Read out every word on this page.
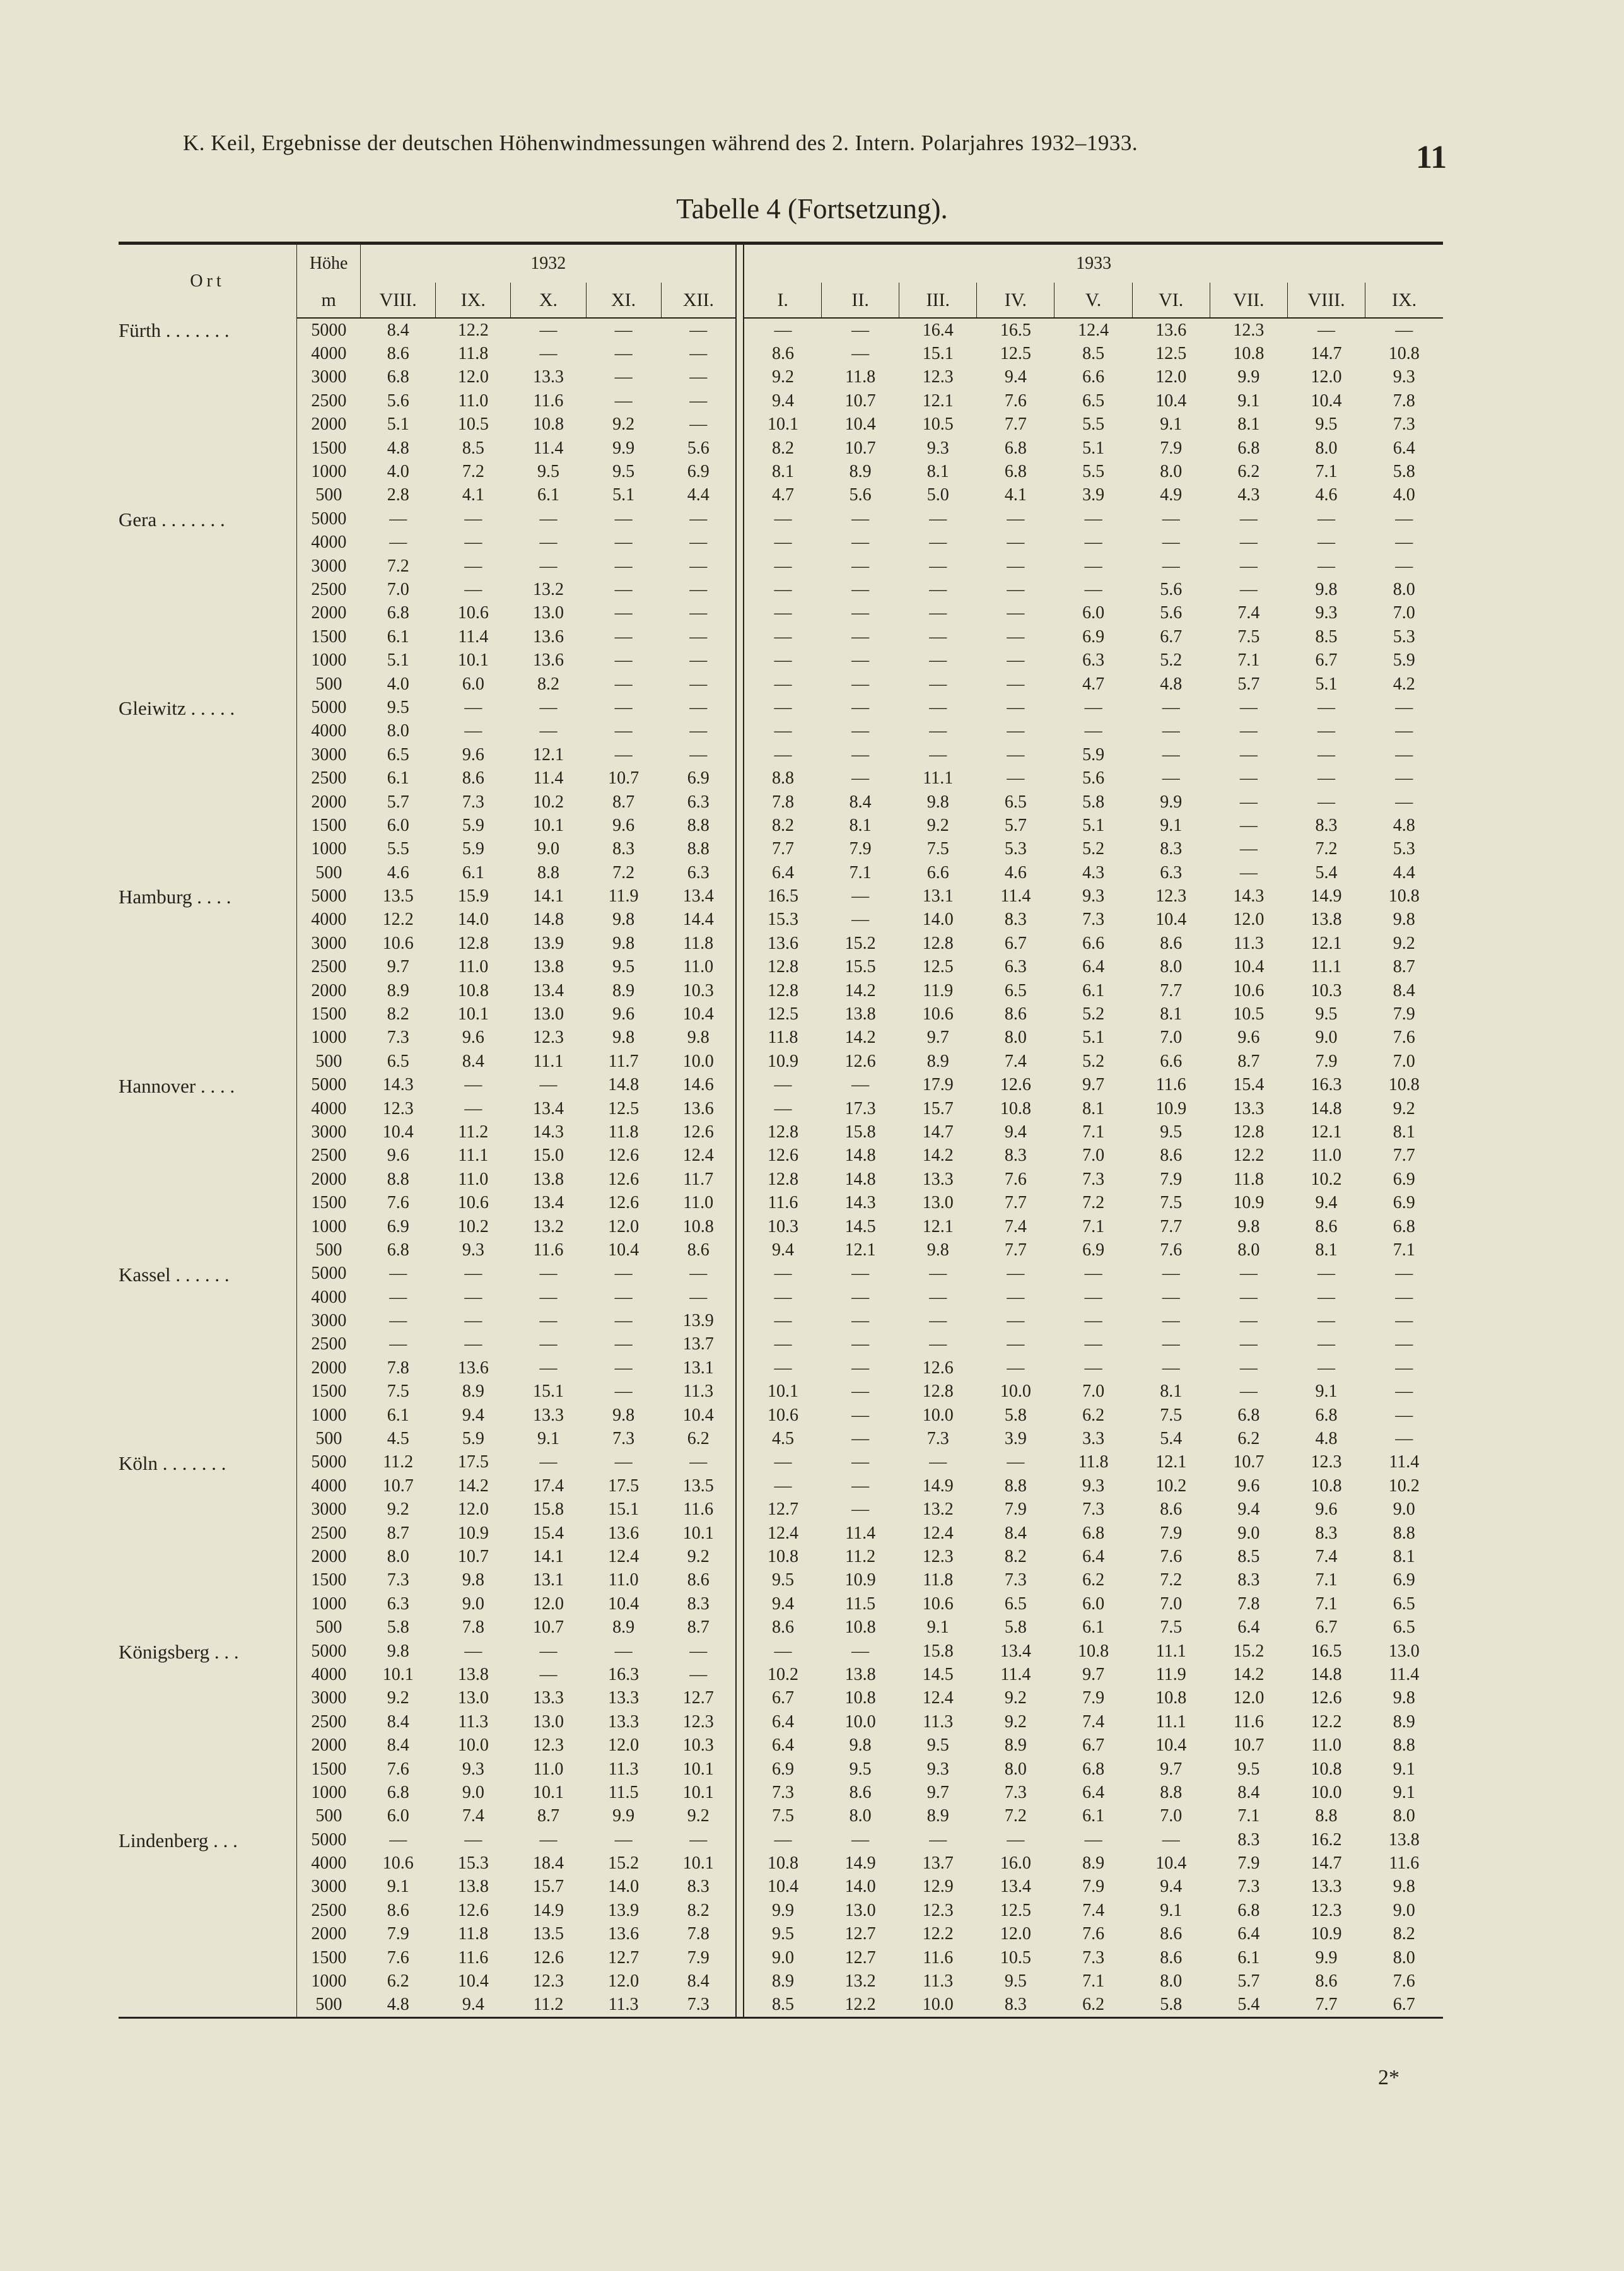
K. Keil, Ergebnisse der deutschen Höhenwindmessungen während des 2. Intern. Polarjahres 1932–1933.	11
Tabelle 4 (Fortsetzung).
Ort	Höhe	1932						1933								
	m	VIII.	IX.	X.	XI.	XII.		I.	II.	III.	IV.	V.	VI.	VII.	VIII.	IX.
Fürth . . . . . . .	5000	8.4	12.2	—	—	—		—	—	16.4	16.5	12.4	13.6	12.3	—	—
	4000	8.6	11.8	—	—	—		8.6	—	15.1	12.5	8.5	12.5	10.8	14.7	10.8
	3000	6.8	12.0	13.3	—	—		9.2	11.8	12.3	9.4	6.6	12.0	9.9	12.0	9.3
	2500	5.6	11.0	11.6	—	—		9.4	10.7	12.1	7.6	6.5	10.4	9.1	10.4	7.8
	2000	5.1	10.5	10.8	9.2	—		10.1	10.4	10.5	7.7	5.5	9.1	8.1	9.5	7.3
	1500	4.8	8.5	11.4	9.9	5.6		8.2	10.7	9.3	6.8	5.1	7.9	6.8	8.0	6.4
	1000	4.0	7.2	9.5	9.5	6.9		8.1	8.9	8.1	6.8	5.5	8.0	6.2	7.1	5.8
	500	2.8	4.1	6.1	5.1	4.4		4.7	5.6	5.0	4.1	3.9	4.9	4.3	4.6	4.0
Gera . . . . . . .	5000	—	—	—	—	—		—	—	—	—	—	—	—	—	—
	4000	—	—	—	—	—		—	—	—	—	—	—	—	—	—
	3000	7.2	—	—	—	—		—	—	—	—	—	—	—	—	—
	2500	7.0	—	13.2	—	—		—	—	—	—	—	5.6	—	9.8	8.0
	2000	6.8	10.6	13.0	—	—		—	—	—	—	6.0	5.6	7.4	9.3	7.0
	1500	6.1	11.4	13.6	—	—		—	—	—	—	6.9	6.7	7.5	8.5	5.3
	1000	5.1	10.1	13.6	—	—		—	—	—	—	6.3	5.2	7.1	6.7	5.9
	500	4.0	6.0	8.2	—	—		—	—	—	—	4.7	4.8	5.7	5.1	4.2
Gleiwitz . . . . .	5000	9.5	—	—	—	—		—	—	—	—	—	—	—	—	—
	4000	8.0	—	—	—	—		—	—	—	—	—	—	—	—	—
	3000	6.5	9.6	12.1	—	—		—	—	—	—	5.9	—	—	—	—
	2500	6.1	8.6	11.4	10.7	6.9		8.8	—	11.1	—	5.6	—	—	—	—
	2000	5.7	7.3	10.2	8.7	6.3		7.8	8.4	9.8	6.5	5.8	9.9	—	—	—
	1500	6.0	5.9	10.1	9.6	8.8		8.2	8.1	9.2	5.7	5.1	9.1	—	8.3	4.8
	1000	5.5	5.9	9.0	8.3	8.8		7.7	7.9	7.5	5.3	5.2	8.3	—	7.2	5.3
	500	4.6	6.1	8.8	7.2	6.3		6.4	7.1	6.6	4.6	4.3	6.3	—	5.4	4.4
Hamburg . . . .	5000	13.5	15.9	14.1	11.9	13.4		16.5	—	13.1	11.4	9.3	12.3	14.3	14.9	10.8
	4000	12.2	14.0	14.8	9.8	14.4		15.3	—	14.0	8.3	7.3	10.4	12.0	13.8	9.8
	3000	10.6	12.8	13.9	9.8	11.8		13.6	15.2	12.8	6.7	6.6	8.6	11.3	12.1	9.2
	2500	9.7	11.0	13.8	9.5	11.0		12.8	15.5	12.5	6.3	6.4	8.0	10.4	11.1	8.7
	2000	8.9	10.8	13.4	8.9	10.3		12.8	14.2	11.9	6.5	6.1	7.7	10.6	10.3	8.4
	1500	8.2	10.1	13.0	9.6	10.4		12.5	13.8	10.6	8.6	5.2	8.1	10.5	9.5	7.9
	1000	7.3	9.6	12.3	9.8	9.8		11.8	14.2	9.7	8.0	5.1	7.0	9.6	9.0	7.6
	500	6.5	8.4	11.1	11.7	10.0		10.9	12.6	8.9	7.4	5.2	6.6	8.7	7.9	7.0
Hannover . . . .	5000	14.3	—	—	14.8	14.6		—	—	17.9	12.6	9.7	11.6	15.4	16.3	10.8
	4000	12.3	—	13.4	12.5	13.6		—	17.3	15.7	10.8	8.1	10.9	13.3	14.8	9.2
	3000	10.4	11.2	14.3	11.8	12.6		12.8	15.8	14.7	9.4	7.1	9.5	12.8	12.1	8.1
	2500	9.6	11.1	15.0	12.6	12.4		12.6	14.8	14.2	8.3	7.0	8.6	12.2	11.0	7.7
	2000	8.8	11.0	13.8	12.6	11.7		12.8	14.8	13.3	7.6	7.3	7.9	11.8	10.2	6.9
	1500	7.6	10.6	13.4	12.6	11.0		11.6	14.3	13.0	7.7	7.2	7.5	10.9	9.4	6.9
	1000	6.9	10.2	13.2	12.0	10.8		10.3	14.5	12.1	7.4	7.1	7.7	9.8	8.6	6.8
	500	6.8	9.3	11.6	10.4	8.6		9.4	12.1	9.8	7.7	6.9	7.6	8.0	8.1	7.1
Kassel . . . . . .	5000	—	—	—	—	—		—	—	—	—	—	—	—	—	—
	4000	—	—	—	—	—		—	—	—	—	—	—	—	—	—
	3000	—	—	—	—	13.9		—	—	—	—	—	—	—	—	—
	2500	—	—	—	—	13.7		—	—	—	—	—	—	—	—	—
	2000	7.8	13.6	—	—	13.1		—	—	12.6	—	—	—	—	—	—
	1500	7.5	8.9	15.1	—	11.3		10.1	—	12.8	10.0	7.0	8.1	—	9.1	—
	1000	6.1	9.4	13.3	9.8	10.4		10.6	—	10.0	5.8	6.2	7.5	6.8	6.8	—
	500	4.5	5.9	9.1	7.3	6.2		4.5	—	7.3	3.9	3.3	5.4	6.2	4.8	—
Köln . . . . . . .	5000	11.2	17.5	—	—	—		—	—	—	—	11.8	12.1	10.7	12.3	11.4
	4000	10.7	14.2	17.4	17.5	13.5		—	—	14.9	8.8	9.3	10.2	9.6	10.8	10.2
	3000	9.2	12.0	15.8	15.1	11.6		12.7	—	13.2	7.9	7.3	8.6	9.4	9.6	9.0
	2500	8.7	10.9	15.4	13.6	10.1		12.4	11.4	12.4	8.4	6.8	7.9	9.0	8.3	8.8
	2000	8.0	10.7	14.1	12.4	9.2		10.8	11.2	12.3	8.2	6.4	7.6	8.5	7.4	8.1
	1500	7.3	9.8	13.1	11.0	8.6		9.5	10.9	11.8	7.3	6.2	7.2	8.3	7.1	6.9
	1000	6.3	9.0	12.0	10.4	8.3		9.4	11.5	10.6	6.5	6.0	7.0	7.8	7.1	6.5
	500	5.8	7.8	10.7	8.9	8.7		8.6	10.8	9.1	5.8	6.1	7.5	6.4	6.7	6.5
Königsberg . . .	5000	9.8	—	—	—	—		—	—	15.8	13.4	10.8	11.1	15.2	16.5	13.0
	4000	10.1	13.8	—	16.3	—		10.2	13.8	14.5	11.4	9.7	11.9	14.2	14.8	11.4
	3000	9.2	13.0	13.3	13.3	12.7		6.7	10.8	12.4	9.2	7.9	10.8	12.0	12.6	9.8
	2500	8.4	11.3	13.0	13.3	12.3		6.4	10.0	11.3	9.2	7.4	11.1	11.6	12.2	8.9
	2000	8.4	10.0	12.3	12.0	10.3		6.4	9.8	9.5	8.9	6.7	10.4	10.7	11.0	8.8
	1500	7.6	9.3	11.0	11.3	10.1		6.9	9.5	9.3	8.0	6.8	9.7	9.5	10.8	9.1
	1000	6.8	9.0	10.1	11.5	10.1		7.3	8.6	9.7	7.3	6.4	8.8	8.4	10.0	9.1
	500	6.0	7.4	8.7	9.9	9.2		7.5	8.0	8.9	7.2	6.1	7.0	7.1	8.8	8.0
Lindenberg . . .	5000	—	—	—	—	—		—	—	—	—	—	—	8.3	16.2	13.8
	4000	10.6	15.3	18.4	15.2	10.1		10.8	14.9	13.7	16.0	8.9	10.4	7.9	14.7	11.6
	3000	9.1	13.8	15.7	14.0	8.3		10.4	14.0	12.9	13.4	7.9	9.4	7.3	13.3	9.8
	2500	8.6	12.6	14.9	13.9	8.2		9.9	13.0	12.3	12.5	7.4	9.1	6.8	12.3	9.0
	2000	7.9	11.8	13.5	13.6	7.8		9.5	12.7	12.2	12.0	7.6	8.6	6.4	10.9	8.2
	1500	7.6	11.6	12.6	12.7	7.9		9.0	12.7	11.6	10.5	7.3	8.6	6.1	9.9	8.0
	1000	6.2	10.4	12.3	12.0	8.4		8.9	13.2	11.3	9.5	7.1	8.0	5.7	8.6	7.6
	500	4.8	9.4	11.2	11.3	7.3		8.5	12.2	10.0	8.3	6.2	5.8	5.4	7.7	6.7
2*
